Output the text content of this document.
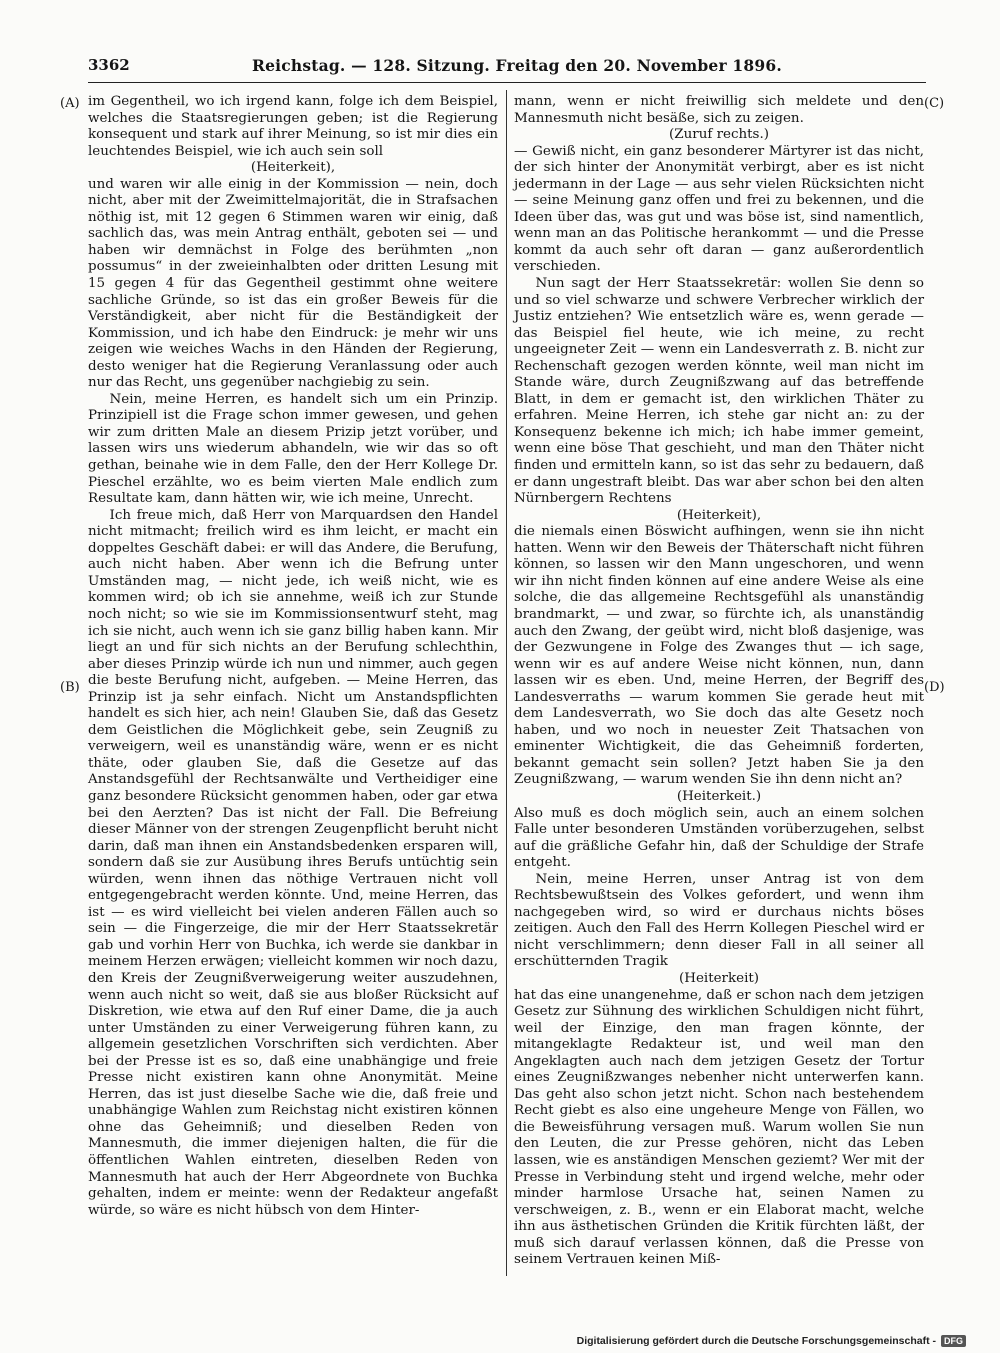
3362	Reichstag. — 128. Sitzung. Freitag den 20. November 1896.
(A)
(B)
(C)
(D)

im Gegentheil, wo ich irgend kann, folge ich dem Beispiel, welches die Staatsregierungen geben; ist die Regierung konsequent und stark auf ihrer Meinung, so ist mir dies ein leuchtendes Beispiel, wie ich auch sein soll

(Heiterkeit),

und waren wir alle einig in der Kommission — nein, doch nicht, aber mit der Zweimittelmajorität, die in Strafsachen nöthig ist, mit 12 gegen 6 Stimmen waren wir einig, daß sachlich das, was mein Antrag enthält, geboten sei — und haben wir demnächst in Folge des berühmten „non possumus“ in der zweieinhalbten oder dritten Lesung mit 15 gegen 4 für das Gegentheil gestimmt ohne weitere sachliche Gründe, so ist das ein großer Beweis für die Verständigkeit, aber nicht für die Beständigkeit der Kommission, und ich habe den Eindruck: je mehr wir uns zeigen wie weiches Wachs in den Händen der Regierung, desto weniger hat die Regierung Veranlassung oder auch nur das Recht, uns gegenüber nachgiebig zu sein.

Nein, meine Herren, es handelt sich um ein Prinzip. Prinzipiell ist die Frage schon immer gewesen, und gehen wir zum dritten Male an diesem Prizip jetzt vorüber, und lassen wirs uns wiederum abhandeln, wie wir das so oft gethan, beinahe wie in dem Falle, den der Herr Kollege Dr. Pieschel erzählte, wo es beim vierten Male endlich zum Resultate kam, dann hätten wir, wie ich meine, Unrecht.

Ich freue mich, daß Herr von Marquardsen den Handel nicht mitmacht; freilich wird es ihm leicht, er macht ein doppeltes Geschäft dabei: er will das Andere, die Berufung, auch nicht haben. Aber wenn ich die Befrung unter Umständen mag, — nicht jede, ich weiß nicht, wie es kommen wird; ob ich sie annehme, weiß ich zur Stunde noch nicht; so wie sie im Kommissionsentwurf steht, mag ich sie nicht, auch wenn ich sie ganz billig haben kann. Mir liegt an und für sich nichts an der Berufung schlechthin, aber dieses Prinzip würde ich nun und nimmer, auch gegen die beste Berufung nicht, aufgeben. — Meine Herren, das Prinzip ist ja sehr einfach. Nicht um Anstandspflichten handelt es sich hier, ach nein! Glauben Sie, daß das Gesetz dem Geistlichen die Möglichkeit gebe, sein Zeugniß zu verweigern, weil es unanständig wäre, wenn er es nicht thäte, oder glauben Sie, daß die Gesetze auf das Anstandsgefühl der Rechtsanwälte und Vertheidiger eine ganz besondere Rücksicht genommen haben, oder gar etwa bei den Aerzten? Das ist nicht der Fall. Die Befreiung dieser Männer von der strengen Zeugenpflicht beruht nicht darin, daß man ihnen ein Anstandsbedenken ersparen will, sondern daß sie zur Ausübung ihres Berufs untüchtig sein würden, wenn ihnen das nöthige Vertrauen nicht voll entgegengebracht werden könnte. Und, meine Herren, das ist — es wird vielleicht bei vielen anderen Fällen auch so sein — die Fingerzeige, die mir der Herr Staatssekretär gab und vorhin Herr von Buchka, ich werde sie dankbar in meinem Herzen erwägen; vielleicht kommen wir noch dazu, den Kreis der Zeugnißverweigerung weiter auszudehnen, wenn auch nicht so weit, daß sie aus bloßer Rücksicht auf Diskretion, wie etwa auf den Ruf einer Dame, die ja auch unter Umständen zu einer Verweigerung führen kann, zu allgemein gesetzlichen Vorschriften sich verdichten. Aber bei der Presse ist es so, daß eine unabhängige und freie Presse nicht existiren kann ohne Anonymität. Meine Herren, das ist just dieselbe Sache wie die, daß freie und unabhängige Wahlen zum Reichstag nicht existiren können ohne das Geheimniß; und dieselben Reden von Mannesmuth, die immer diejenigen halten, die für die öffentlichen Wahlen eintreten, dieselben Reden von Mannesmuth hat auch der Herr Abgeordnete von Buchka gehalten, indem er meinte: wenn der Redakteur angefaßt würde, so wäre es nicht hübsch von dem Hinter-

mann, wenn er nicht freiwillig sich meldete und den Mannesmuth nicht besäße, sich zu zeigen.

(Zuruf rechts.)

— Gewiß nicht, ein ganz besonderer Märtyrer ist das nicht, der sich hinter der Anonymität verbirgt, aber es ist nicht jedermann in der Lage — aus sehr vielen Rücksichten nicht — seine Meinung ganz offen und frei zu bekennen, und die Ideen über das, was gut und was böse ist, sind namentlich, wenn man an das Politische herankommt — und die Presse kommt da auch sehr oft daran — ganz außerordentlich verschieden.

Nun sagt der Herr Staatssekretär: wollen Sie denn so und so viel schwarze und schwere Verbrecher wirklich der Justiz entziehen? Wie entsetzlich wäre es, wenn gerade — das Beispiel fiel heute, wie ich meine, zu recht ungeeigneter Zeit — wenn ein Landesverrath z. B. nicht zur Rechenschaft gezogen werden könnte, weil man nicht im Stande wäre, durch Zeugnißzwang auf das betreffende Blatt, in dem er gemacht ist, den wirklichen Thäter zu erfahren. Meine Herren, ich stehe gar nicht an: zu der Konsequenz bekenne ich mich; ich habe immer gemeint, wenn eine böse That geschieht, und man den Thäter nicht finden und ermitteln kann, so ist das sehr zu bedauern, daß er dann ungestraft bleibt. Das war aber schon bei den alten Nürnbergern Rechtens

(Heiterkeit),

die niemals einen Böswicht aufhingen, wenn sie ihn nicht hatten. Wenn wir den Beweis der Thäterschaft nicht führen können, so lassen wir den Mann ungeschoren, und wenn wir ihn nicht finden können auf eine andere Weise als eine solche, die das allgemeine Rechtsgefühl als unanständig brandmarkt, — und zwar, so fürchte ich, als unanständig auch den Zwang, der geübt wird, nicht bloß dasjenige, was der Gezwungene in Folge des Zwanges thut — ich sage, wenn wir es auf andere Weise nicht können, nun, dann lassen wir es eben. Und, meine Herren, der Begriff des Landesverraths — warum kommen Sie gerade heut mit dem Landesverrath, wo Sie doch das alte Gesetz noch haben, und wo noch in neuester Zeit Thatsachen von eminenter Wichtigkeit, die das Geheimniß forderten, bekannt gemacht sein sollen? Jetzt haben Sie ja den Zeugnißzwang, — warum wenden Sie ihn denn nicht an?

(Heiterkeit.)

Also muß es doch möglich sein, auch an einem solchen Falle unter besonderen Umständen vorüberzugehen, selbst auf die gräßliche Gefahr hin, daß der Schuldige der Strafe entgeht.

Nein, meine Herren, unser Antrag ist von dem Rechtsbewußtsein des Volkes gefordert, und wenn ihm nachgegeben wird, so wird er durchaus nichts böses zeitigen. Auch den Fall des Herrn Kollegen Pieschel wird er nicht verschlimmern; denn dieser Fall in all seiner all erschütternden Tragik

(Heiterkeit)

hat das eine unangenehme, daß er schon nach dem jetzigen Gesetz zur Sühnung des wirklichen Schuldigen nicht führt, weil der Einzige, den man fragen könnte, der mitangeklagte Redakteur ist, und weil man den Angeklagten auch nach dem jetzigen Gesetz der Tortur eines Zeugnißzwanges nebenher nicht unterwerfen kann. Das geht also schon jetzt nicht. Schon nach bestehendem Recht giebt es also eine ungeheure Menge von Fällen, wo die Beweisführung versagen muß. Warum wollen Sie nun den Leuten, die zur Presse gehören, nicht das Leben lassen, wie es anständigen Menschen geziemt? Wer mit der Presse in Verbindung steht und irgend welche, mehr oder minder harmlose Ursache hat, seinen Namen zu verschweigen, z. B., wenn er ein Elaborat macht, welche ihn aus ästhetischen Gründen die Kritik fürchten läßt, der muß sich darauf verlassen können, daß die Presse von seinem Vertrauen keinen Miß-

Digitalisierung gefördert durch die Deutsche Forschungsgemeinschaft - DFG
